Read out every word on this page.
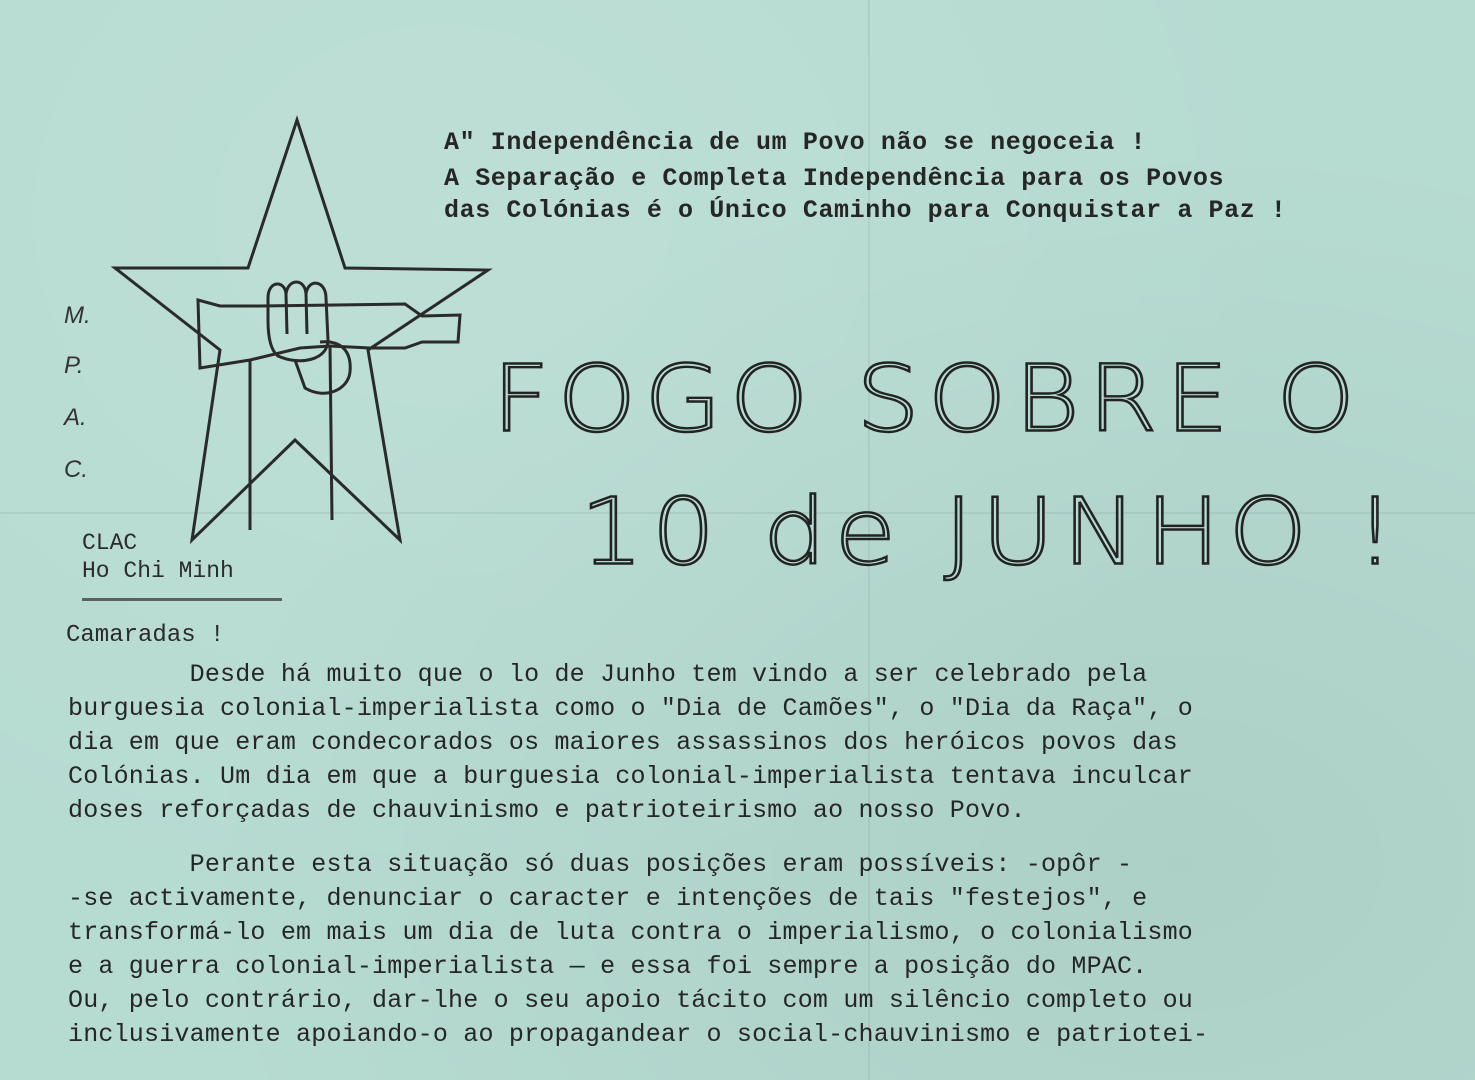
A" Independência de um Povo não se negoceia !
A Separação e Completa Independência para os Povos
das Colónias é o Único Caminho para Conquistar a Paz !
M.
P.
A.
C.
CLAC
Ho Chi Minh
FOGO SOBRE O
10 de JUNHO !
Camaradas !
Desde há muito que o lo de Junho tem vindo a ser celebrado pela
burguesia colonial-imperialista como o "Dia de Camões", o "Dia da Raça", o
dia em que eram condecorados os maiores assassinos dos heróicos povos das
Colónias. Um dia em que a burguesia colonial-imperialista tentava inculcar
doses reforçadas de chauvinismo e patrioteirismo ao nosso Povo.
Perante esta situação só duas posições eram possíveis: -opôr -
-se activamente, denunciar o caracter e intenções de tais "festejos", e
transformá-lo em mais um dia de luta contra o imperialismo, o colonialismo
e a guerra colonial-imperialista — e essa foi sempre a posição do MPAC.
Ou, pelo contrário, dar-lhe o seu apoio tácito com um silêncio completo ou
inclusivamente apoiando-o ao propagandear o social-chauvinismo e patriotei-
